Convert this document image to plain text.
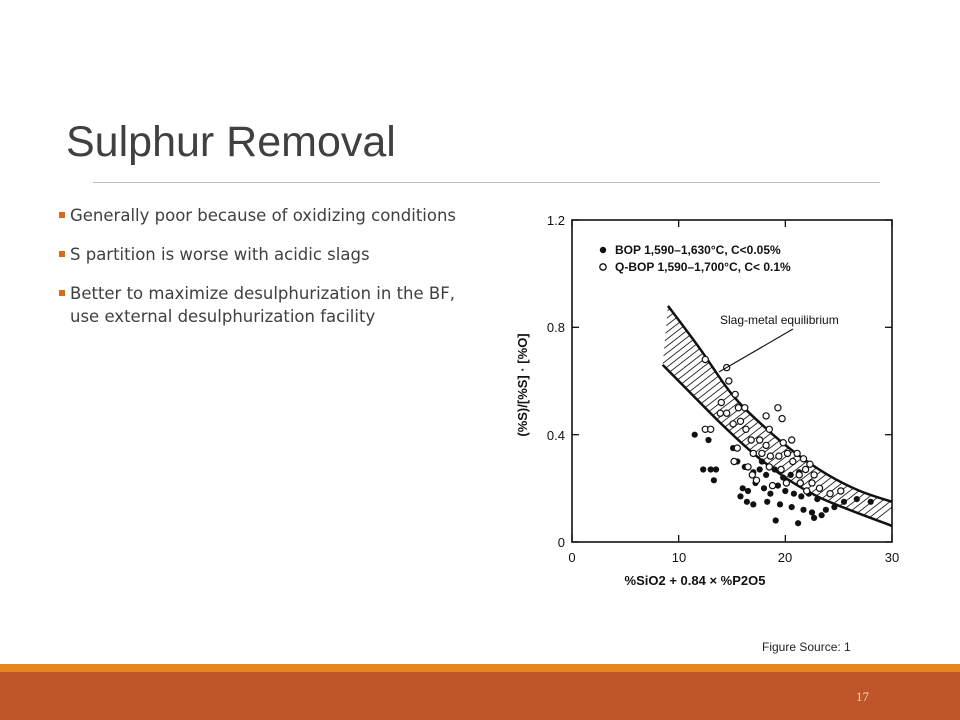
Sulphur Removal
Generally poor because of oxidizing conditions
S partition is worse with acidic slags
Better to maximize desulphurization in the BF, use external desulphurization facility
1.2
0.8
0.4
0
0	10	20	30
%SiO2 + 0.84 × %P2O5
(%S)/[%S] · [%O]
Slag-metal equilibrium
BOP 1,590–1,630°C, C<0.05%
Q-BOP 1,590–1,700°C, C< 0.1%
Figure Source: 1
17
